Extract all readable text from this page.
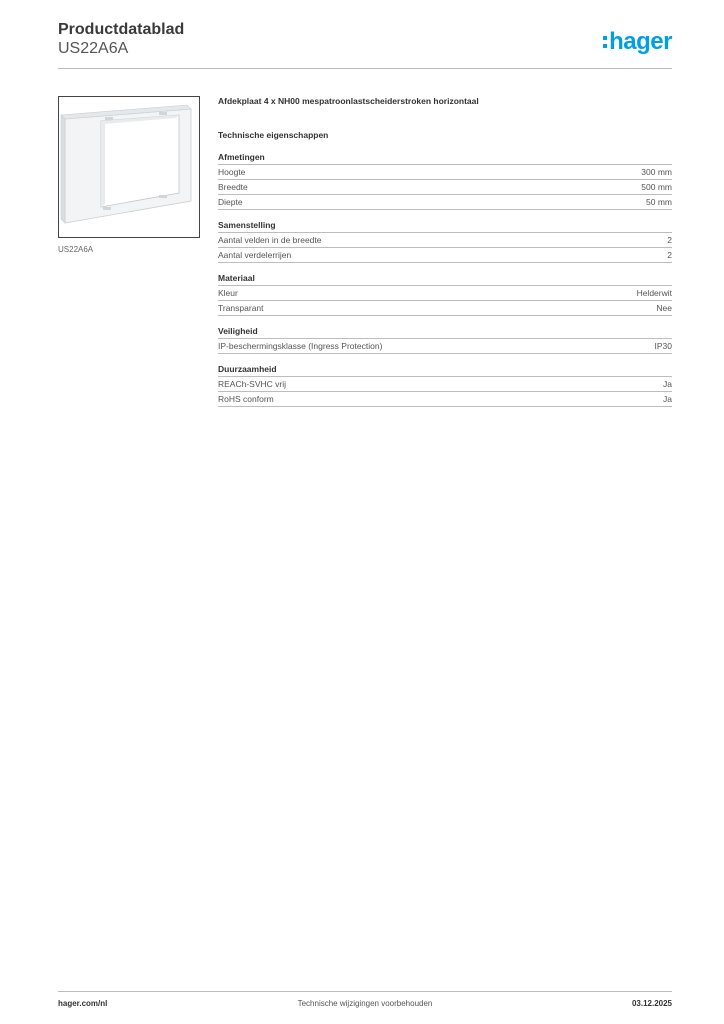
Productdatablad
US22A6A	hager
US22A6A
Afdekplaat 4 x NH00 mespatroonlastscheiderstroken horizontaal
Technische eigenschappen
Afmetingen
Hoogte	300 mm
Breedte	500 mm
Diepte	50 mm
Samenstelling
Aantal velden in de breedte	2
Aantal verdelerrijen	2
Materiaal
Kleur	Helderwit
Transparant	Nee
Veiligheid
IP-beschermingsklasse (Ingress Protection)	IP30
Duurzaamheid
REACh-SVHC vrij	Ja
RoHS conform	Ja
hager.com/nl	Technische wijzigingen voorbehouden	03.12.2025
